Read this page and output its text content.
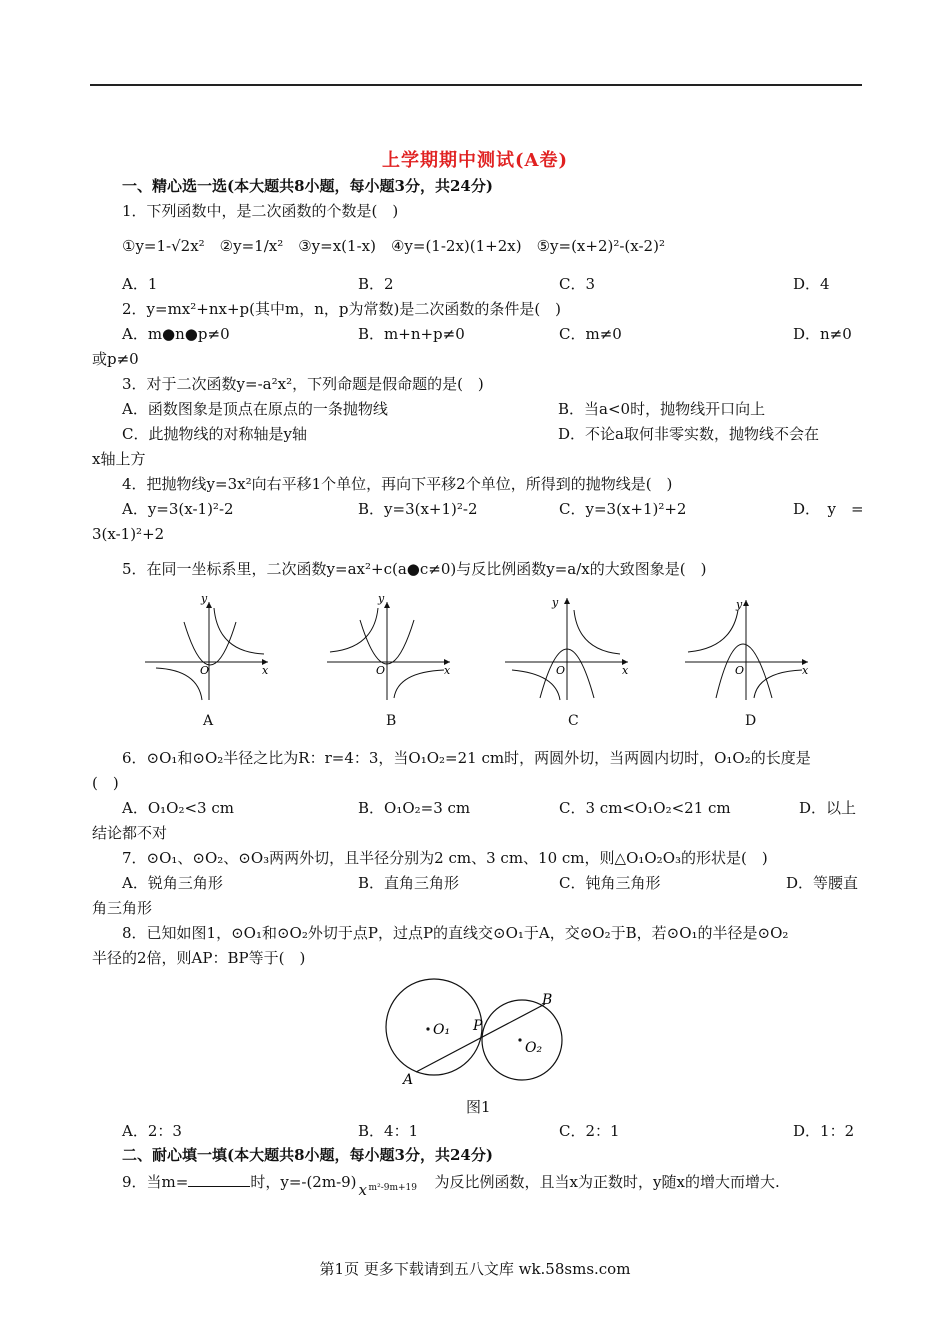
上学期期中测试(A卷)
一、精心选一选(本大题共8小题，每小题3分，共24分)
1．下列函数中，是二次函数的个数是(　)
①y=1-√2x²　②y=1/x²　③y=x(1-x)　④y=(1-2x)(1+2x)　⑤y=(x+2)²-(x-2)²
A．1	B．2	C．3	D．4
2．y=mx²+nx+p(其中m，n，p为常数)是二次函数的条件是(　)
A．m●n●p≠0	B．m+n+p≠0	C．m≠0	D．n≠0
或p≠0
3．对于二次函数y=-a²x²，下列命题是假命题的是(　)
A．函数图象是顶点在原点的一条抛物线	B．当a<0时，抛物线开口向上
C．此抛物线的对称轴是y轴	D．不论a取何非零实数，抛物线不会在
x轴上方
4．把抛物线y=3x²向右平移1个单位，再向下平移2个单位，所得到的抛物线是(　)
A．y=3(x-1)²-2	B．y=3(x+1)²-2	C．y=3(x+1)²+2	D．　y　=
3(x-1)²+2
5．在同一坐标系里，二次函数y=ax²+c(a●c≠0)与反比例函数y=a/x的大致图象是(　)
y
x
O
A
y
x
O
B
y
x
O
C
y
x
O
D
6．⊙O₁和⊙O₂半径之比为R：r=4：3，当O₁O₂=21 cm时，两圆外切，当两圆内切时，O₁O₂的长度是
(　)
A．O₁O₂<3 cm	B．O₁O₂=3 cm	C．3 cm<O₁O₂<21 cm	D．以上
结论都不对
7．⊙O₁、⊙O₂、⊙O₃两两外切，且半径分别为2 cm、3 cm、10 cm，则△O₁O₂O₃的形状是(　)
A．锐角三角形	B．直角三角形	C．钝角三角形	D．等腰直
角三角形
8．已知如图1，⊙O₁和⊙O₂外切于点P，过点P的直线交⊙O₁于A，交⊙O₂于B，若⊙O₁的半径是⊙O₂
半径的2倍，则AP：BP等于(　)
O₁
O₂
P
B
A
图1
A．2：3	B．4：1	C．2：1	D．1：2
二、耐心填一填(本大题共8小题，每小题3分，共24分)
9．当m=	时，y=-(2m-9) x m²-9m+19 为反比例函数，且当x为正数时，y随x的增大而增大.
第1页 更多下载请到五八文库 wk.58sms.com
